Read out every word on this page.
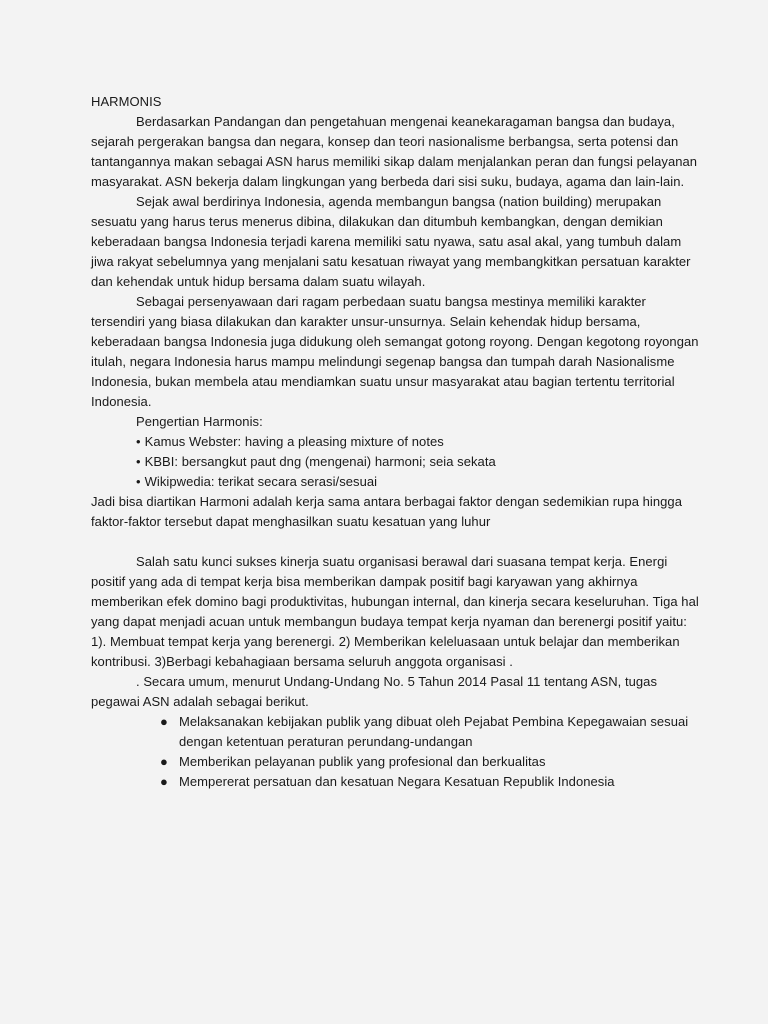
HARMONIS

Berdasarkan Pandangan dan pengetahuan mengenai keanekaragaman bangsa dan budaya, sejarah pergerakan bangsa dan negara, konsep dan teori nasionalisme berbangsa, serta potensi dan tantangannya makan sebagai ASN harus memiliki sikap dalam menjalankan peran dan fungsi pelayanan masyarakat. ASN bekerja dalam lingkungan yang berbeda dari sisi suku, budaya, agama dan lain-lain.

Sejak awal berdirinya Indonesia, agenda membangun bangsa (nation building) merupakan sesuatu yang harus terus menerus dibina, dilakukan dan ditumbuh kembangkan, dengan demikian keberadaan bangsa Indonesia terjadi karena memiliki satu nyawa, satu asal akal, yang tumbuh dalam jiwa rakyat sebelumnya yang menjalani satu kesatuan riwayat yang membangkitkan persatuan karakter dan kehendak untuk hidup bersama dalam suatu wilayah.

Sebagai persenyawaan dari ragam perbedaan suatu bangsa mestinya memiliki karakter tersendiri yang biasa dilakukan dan karakter unsur-unsurnya. Selain kehendak hidup bersama, keberadaan bangsa Indonesia juga didukung oleh semangat gotong royong. Dengan kegotong royongan itulah, negara Indonesia harus mampu melindungi segenap bangsa dan tumpah darah Nasionalisme Indonesia, bukan membela atau mendiamkan suatu unsur masyarakat atau bagian tertentu territorial Indonesia.

Pengertian Harmonis:

• Kamus Webster: having a pleasing mixture of notes
• KBBI: bersangkut paut dng (mengenai) harmoni; seia sekata
• Wikipwedia: terikat secara serasi/sesuai

Jadi bisa diartikan Harmoni adalah kerja sama antara berbagai faktor dengan sedemikian rupa hingga faktor-faktor tersebut dapat menghasilkan suatu kesatuan yang luhur

Salah satu kunci sukses kinerja suatu organisasi berawal dari suasana tempat kerja. Energi positif yang ada di tempat kerja bisa memberikan dampak positif bagi karyawan yang akhirnya memberikan efek domino bagi produktivitas, hubungan internal, dan kinerja secara keseluruhan. Tiga hal yang dapat menjadi acuan untuk membangun budaya tempat kerja nyaman dan berenergi positif yaitu: 1). Membuat tempat kerja yang berenergi. 2) Memberikan keleluasaan untuk belajar dan memberikan kontribusi. 3)Berbagi kebahagiaan bersama seluruh anggota organisasi .

. Secara umum, menurut Undang-Undang No. 5 Tahun 2014 Pasal 11 tentang ASN, tugas

pegawai ASN adalah sebagai berikut.

● Melaksanakan kebijakan publik yang dibuat oleh Pejabat Pembina Kepegawaian sesuai dengan ketentuan peraturan perundang-undangan
● Memberikan pelayanan publik yang profesional dan berkualitas
● Mempererat persatuan dan kesatuan Negara Kesatuan Republik Indonesia
